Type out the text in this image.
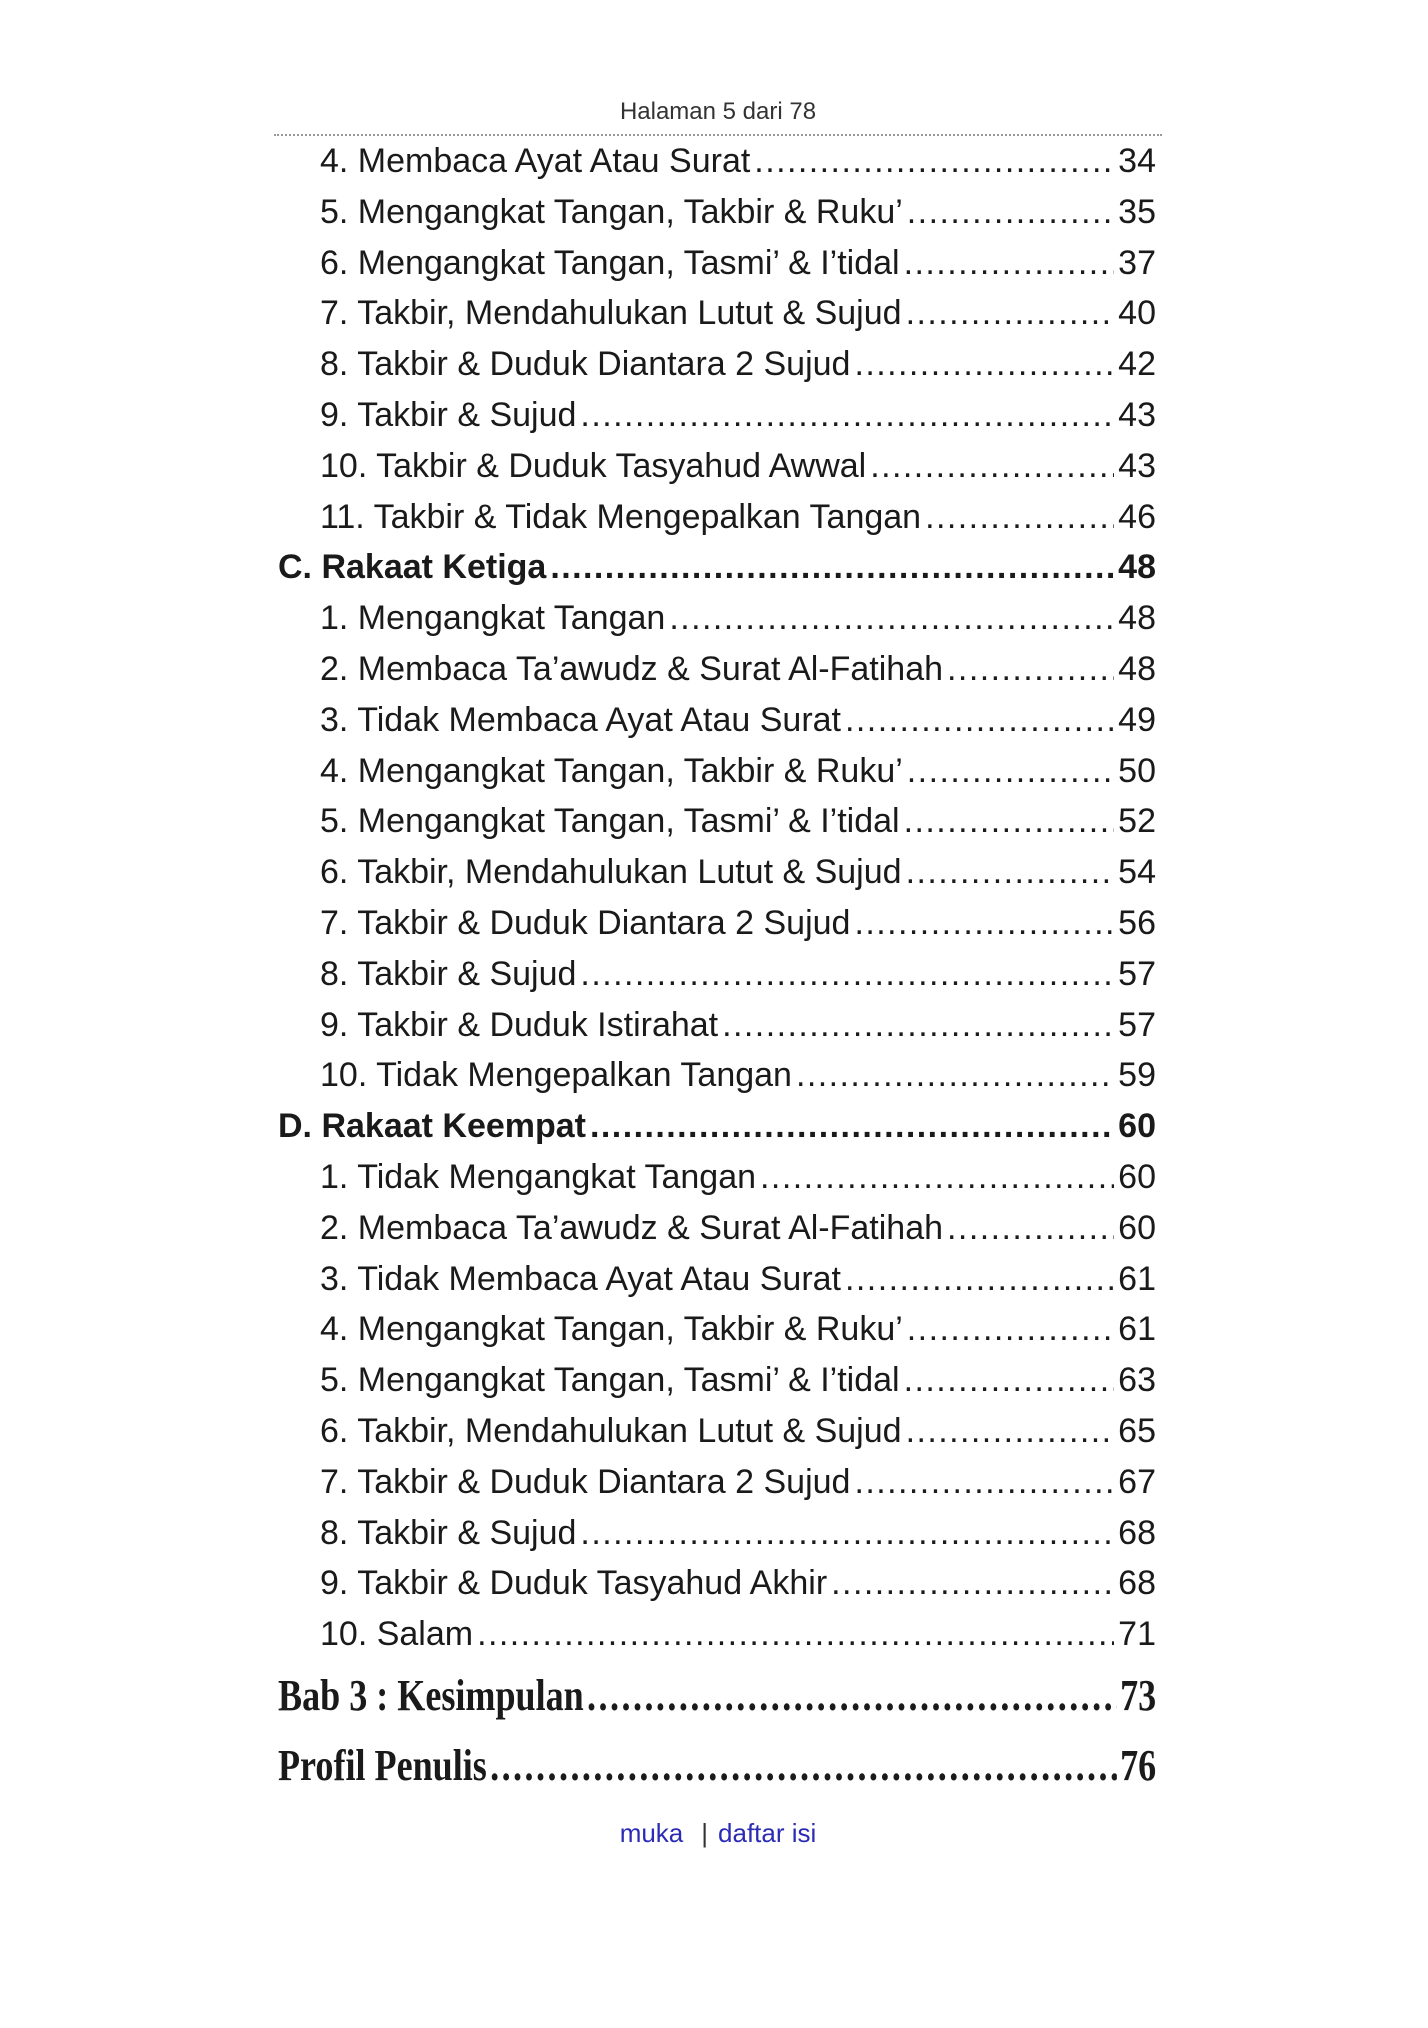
Halaman 5 dari 78
4. Membaca Ayat Atau Surat . . .	34
5. Mengangkat Tangan, Takbir & Ruku’ . . .	35
6. Mengangkat Tangan, Tasmi’ & I’tidal . . .	37
7. Takbir, Mendahulukan Lutut & Sujud . . .	40
8. Takbir & Duduk Diantara 2 Sujud . . .	42
9. Takbir & Sujud . . .	43
10. Takbir & Duduk Tasyahud Awwal . . .	43
11. Takbir & Tidak Mengepalkan Tangan . . .	46
C. Rakaat Ketiga . . .	48
1. Mengangkat Tangan . . .	48
2. Membaca Ta’awudz & Surat Al-Fatihah . . .	48
3. Tidak Membaca Ayat Atau Surat . . .	49
4. Mengangkat Tangan, Takbir & Ruku’ . . .	50
5. Mengangkat Tangan, Tasmi’ & I’tidal . . .	52
6. Takbir, Mendahulukan Lutut & Sujud . . .	54
7. Takbir & Duduk Diantara 2 Sujud . . .	56
8. Takbir & Sujud . . .	57
9. Takbir & Duduk Istirahat . . .	57
10. Tidak Mengepalkan Tangan . . .	59
D. Rakaat Keempat . . .	60
1. Tidak Mengangkat Tangan . . .	60
2. Membaca Ta’awudz & Surat Al-Fatihah . . .	60
3. Tidak Membaca Ayat Atau Surat . . .	61
4. Mengangkat Tangan, Takbir & Ruku’ . . .	61
5. Mengangkat Tangan, Tasmi’ & I’tidal . . .	63
6. Takbir, Mendahulukan Lutut & Sujud . . .	65
7. Takbir & Duduk Diantara 2 Sujud . . .	67
8. Takbir & Sujud . . .	68
9. Takbir & Duduk Tasyahud Akhir . . .	68
10. Salam . . .	71
Bab 3 : Kesimpulan . . .	73
Profil Penulis . . .	76
muka | daftar isi
